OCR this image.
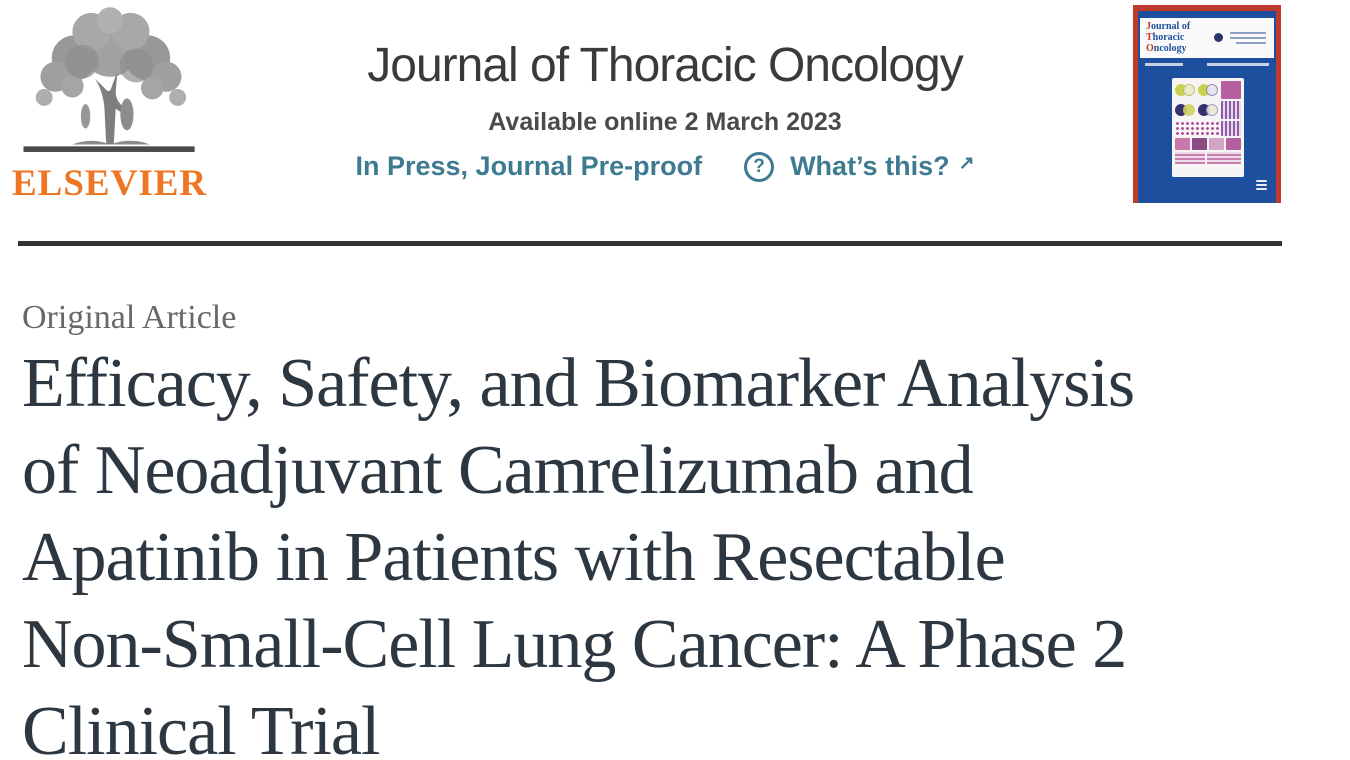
ELSEVIER
Journal of Thoracic Oncology
Available online 2 March 2023
In Press, Journal Pre-proof	? What’s this? ↗
Journal of
Thoracic
Oncology
Original Article
Efficacy, Safety, and Biomarker Analysis
of Neoadjuvant Camrelizumab and
Apatinib in Patients with Resectable
Non-Small-Cell Lung Cancer: A Phase 2
Clinical Trial
